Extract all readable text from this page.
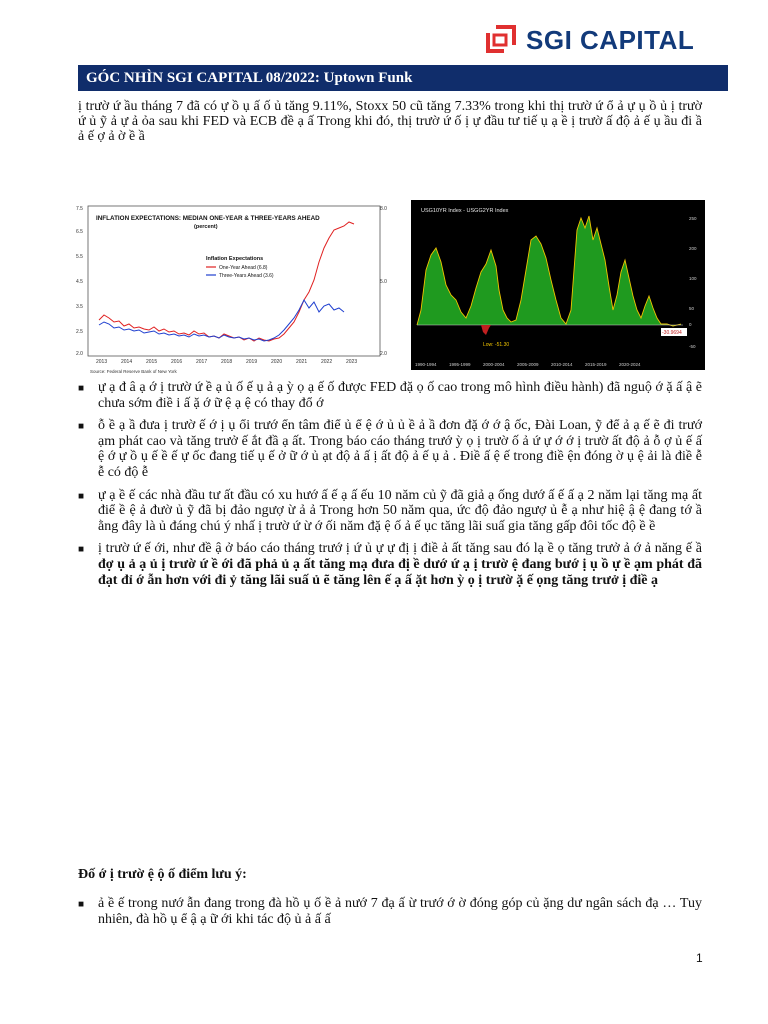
SGI CAPITAL
GÓC NHÌN SGI CAPITAL 08/2022: Uptown Funk
ị trườ ứ ầu tháng 7 đã có ự ồ ụ ấ ố ủ tăng 9.11%, Stoxx 50 cũ tăng 7.33% trong khi thị trườ ứ ổ ả ự ụ ồ ủ ị trườ ứ ủ ỹ ả ự ả ỏa sau khi FED và ECB đề ạ ấ Trong khi đó, thị trườ ứ ố ị ự đầu tư tiế ụ ạ ề ị trườ ấ độ ả ế ụ ầu đi ầ ả ế ợ ả ờ ề ầ
7.5
6.5
5.5
4.5
3.5
2.5
2.0
8.0
5.0
2.0
2013	2014	2015	2016	2017	2018	2019	2020	2021	2022	2023
INFLATION EXPECTATIONS: MEDIAN ONE-YEAR & THREE-YEARS AHEAD
(percent)
Inflation Expectations
One-Year Ahead (6.8)
Three-Years Ahead (3.6)
Source: Federal Reserve Bank of New York
USG10YR Index - USGG2YR Index
Low: -51.30
-30.9694
1990-1994	1995-1999	2000-2004	2005-2009	2010-2014	2015-2019	2020-2024
250
200
100
50
0
-50
■ ự ạ đ â ạ ớ ị trườ ứ ề ạ ủ ố ế ụ ả ạ ỳ ọ ạ ế ố được FED đặ ọ ố cao trong mô hình điều hành) đã nguộ ớ ặ ấ ậ ẽ chưa sớm điề i ấ ặ ớ ữ ệ ạ ệ có thay đổ ớ
■ ỗ ề ạ ầ đưa ị trườ ế ớ ị ụ ổi trướ ển tâm điể ủ ể ệ ớ ủ ủ ề ả ầ đơn đặ ớ ớ ậ ốc, Đài Loan, ỹ để ả ạ ế ẽ đi trướ ạm phát cao và tăng trưở ế ắt đầ ạ ất. Trong báo cáo tháng trướ ỳ ọ ị trườ ố ả ứ ự ớ ớ ị trườ ất độ ả ỗ ợ ủ ế ấ ệ ớ ự ồ ụ ế ề ế ự ốc đang tiế ụ ế ở ữ ớ ủ ạt độ ả ấ ị ất độ ả ế ụ ả . Điề ấ ệ ế trong điề ện đóng ờ ụ ệ ải là điề ễ ễ có độ ễ
■ ự ạ ề ế các nhà đầu tư ất đầu có xu hướ ấ ế ạ ấ ếu 10 năm củ ỹ đã giả ạ ống dướ ấ ế ấ ạ 2 năm lại tăng mạ ất điể ề ệ ả đườ ủ ỹ đã bị đảo ngượ ừ ả ả Trong hơn 50 năm qua, ức độ đảo ngượ ủ ễ ạ như hiệ ậ ệ đang tớ ầ ằng đây là ủ đáng chú ý nhấ ị trườ ứ ừ ớ ối năm đặ ệ ố ả ế ục tăng lãi suấ gia tăng gấp đôi tốc độ ề ề
■ ị trườ ứ ế ới, như đề ậ ở báo cáo tháng trướ ị ứ ủ ự ự đị ị điề ả ất tăng sau đó lạ ề ọ tăng trưở ả ớ ả năng ế ầ đợ ụ ả ạ ủ ị trườ ứ ề ới đã phả ủ ạ ất tăng mạ đưa đị ề dướ ứ ạ ị trườ ệ đang bướ ị ụ ồ ự ề ạm phát đã đạt đỉ ớ ẫn hơn với đi ỷ tăng lãi suấ ủ ẽ tăng lên ế ạ ấ ặt hơn ỳ ọ ị trườ ặ ế ọng tăng trưở ị điề ạ
Đố ớ ị trườ ệ ộ ố điểm lưu ý:
■ ả ề ế trong nướ ẫn đang trong đà hồ ụ ố ề ả nướ 7 đạ ấ ừ trướ ớ ờ đóng góp củ ặng dư ngân sách đạ … Tuy nhiên, đà hồ ụ ể ậ ạ ữ ới khi tác độ ủ ả ấ ấ
1
